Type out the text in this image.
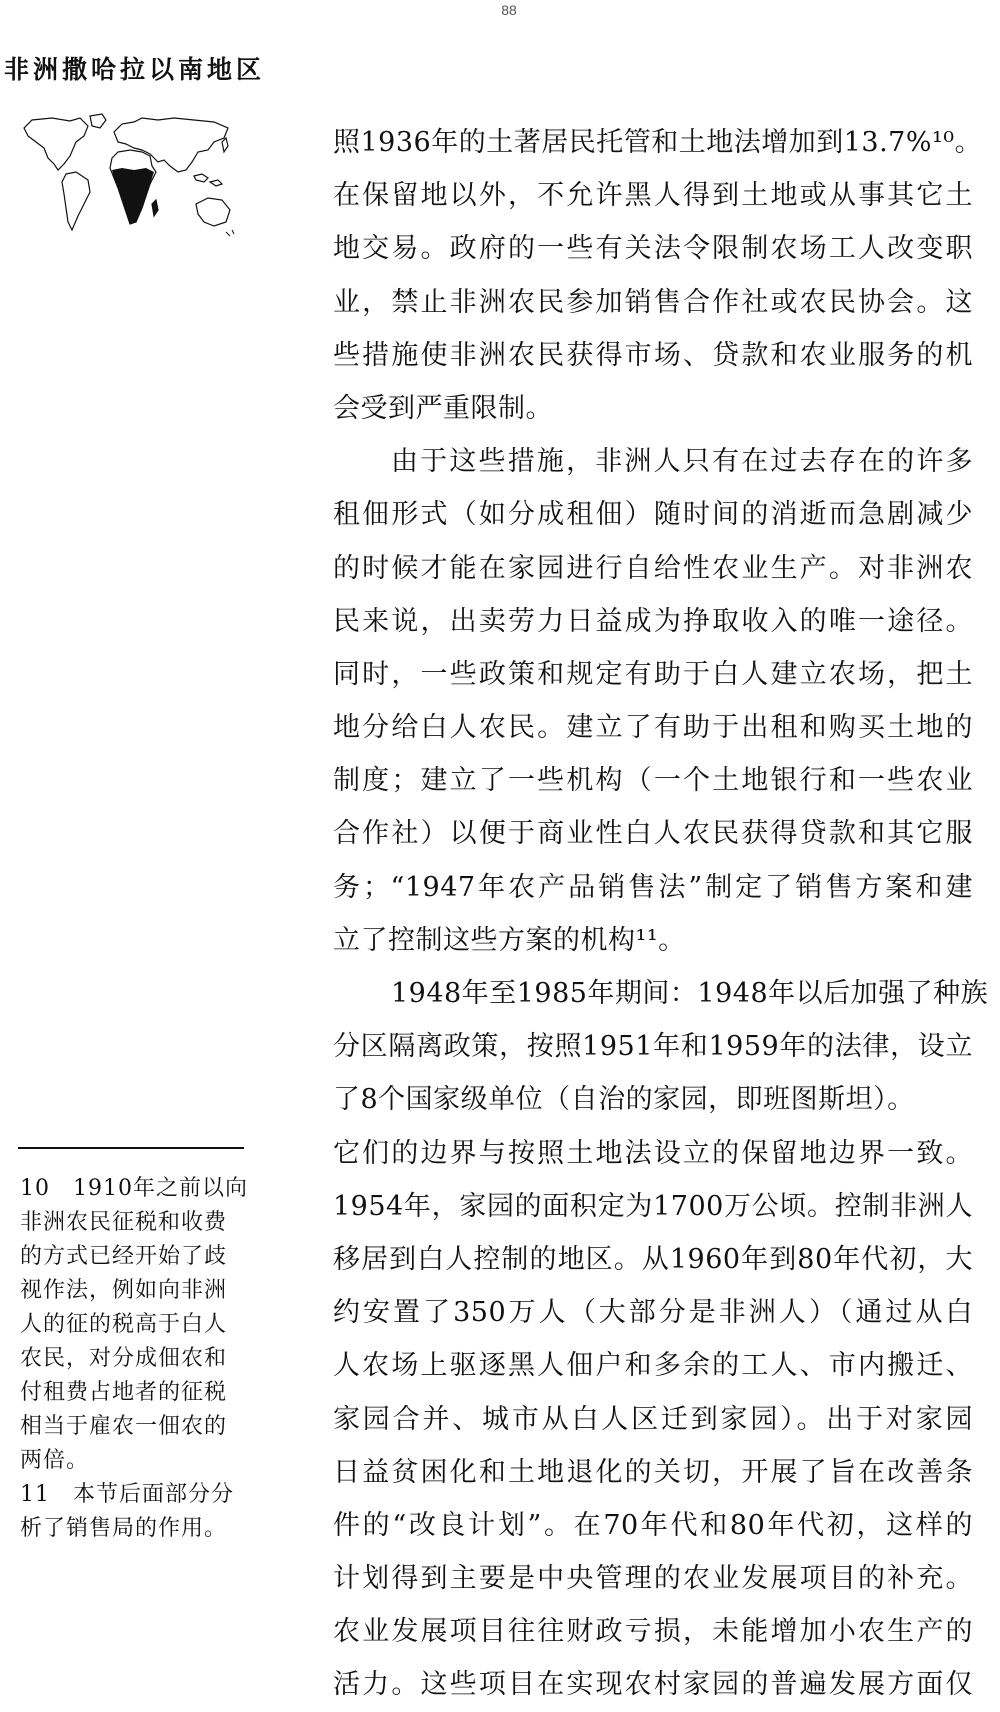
88
非洲撒哈拉以南地区
照1936年的土著居民托管和土地法增加到13.7%¹⁰。
在保留地以外，不允许黑人得到土地或从事其它土
地交易。政府的一些有关法令限制农场工人改变职
业，禁止非洲农民参加销售合作社或农民协会。这
些措施使非洲农民获得市场、贷款和农业服务的机
会受到严重限制。
由于这些措施，非洲人只有在过去存在的许多
租佃形式（如分成租佃）随时间的消逝而急剧减少
的时候才能在家园进行自给性农业生产。对非洲农
民来说，出卖劳力日益成为挣取收入的唯一途径。
同时，一些政策和规定有助于白人建立农场，把土
地分给白人农民。建立了有助于出租和购买土地的
制度；建立了一些机构（一个土地银行和一些农业
合作社）以便于商业性白人农民获得贷款和其它服
务；“1947年农产品销售法”制定了销售方案和建
立了控制这些方案的机构¹¹。
1948年至1985年期间：1948年以后加强了种族
分区隔离政策，按照1951年和1959年的法律，设立
了8个国家级单位（自治的家园，即班图斯坦）。
它们的边界与按照土地法设立的保留地边界一致。
1954年，家园的面积定为1700万公顷。控制非洲人
移居到白人控制的地区。从1960年到80年代初，大
约安置了350万人（大部分是非洲人）（通过从白
人农场上驱逐黑人佃户和多余的工人、市内搬迁、
家园合并、城市从白人区迁到家园）。出于对家园
日益贫困化和土地退化的关切，开展了旨在改善条
件的“改良计划”。在70年代和80年代初，这样的
计划得到主要是中央管理的农业发展项目的补充。
农业发展项目往往财政亏损，未能增加小农生产的
活力。这些项目在实现农村家园的普遍发展方面仅
10　1910年之前以向
非洲农民征税和收费
的方式已经开始了歧
视作法，例如向非洲
人的征的税高于白人
农民，对分成佃农和
付租费占地者的征税
相当于雇农一佃农的
两倍。
11　本节后面部分分
析了销售局的作用。
